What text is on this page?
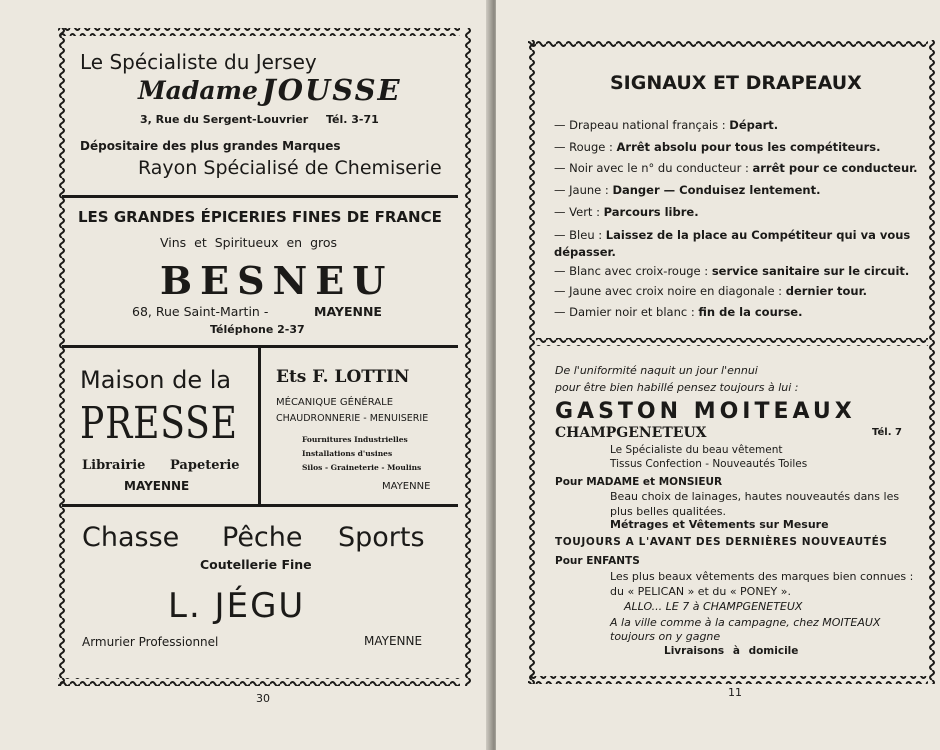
Le Spécialiste du Jersey
Madame JOUSSE
3, Rue du Sergent-Louvrier Tél. 3-71
Dépositaire des plus grandes Marques
Rayon Spécialisé de Chemiserie
LES GRANDES ÉPICERIES FINES DE FRANCE
Vins et Spiritueux en gros
BESNEU
68, Rue Saint-Martin -	MAYENNE
Téléphone 2-37
Maison de la
PRESSE
Librairie Papeterie
MAYENNE
Ets F. LOTTIN
MÉCANIQUE GÉNÉRALE
CHAUDRONNERIE - MENUISERIE
Fournitures Industrielles
Installations d'usines
Silos - Graineterie - Moulins
MAYENNE
Chasse Pêche Sports
Coutellerie Fine
L. JÉGU
Armurier Professionnel	MAYENNE
30
SIGNAUX ET DRAPEAUX
— Drapeau national français : Départ.
— Rouge : Arrêt absolu pour tous les compétiteurs.
— Noir avec le n° du conducteur : arrêt pour ce conducteur.
— Jaune : Danger — Conduisez lentement.
— Vert : Parcours libre.
— Bleu : Laissez de la place au Compétiteur qui va vous dépasser.
— Blanc avec croix-rouge : service sanitaire sur le circuit.
— Jaune avec croix noire en diagonale : dernier tour.
— Damier noir et blanc : fin de la course.
De l'uniformité naquit un jour l'ennui
pour être bien habillé pensez toujours à lui :
GASTON MOITEAUX
CHAMPGENETEUX	Tél. 7
Le Spécialiste du beau vêtement
Tissus Confection - Nouveautés Toiles
Pour MADAME et MONSIEUR
Beau choix de lainages, hautes nouveautés dans les
plus belles qualitées.
Métrages et Vêtements sur Mesure
TOUJOURS A L'AVANT DES DERNIÈRES NOUVEAUTÉS
Pour ENFANTS
Les plus beaux vêtements des marques bien connues :
du « PELICAN » et du « PONEY ».
ALLO... LE 7 à CHAMPGENETEUX
A la ville comme à la campagne, chez MOITEAUX
toujours on y gagne
Livraisons à domicile
11
